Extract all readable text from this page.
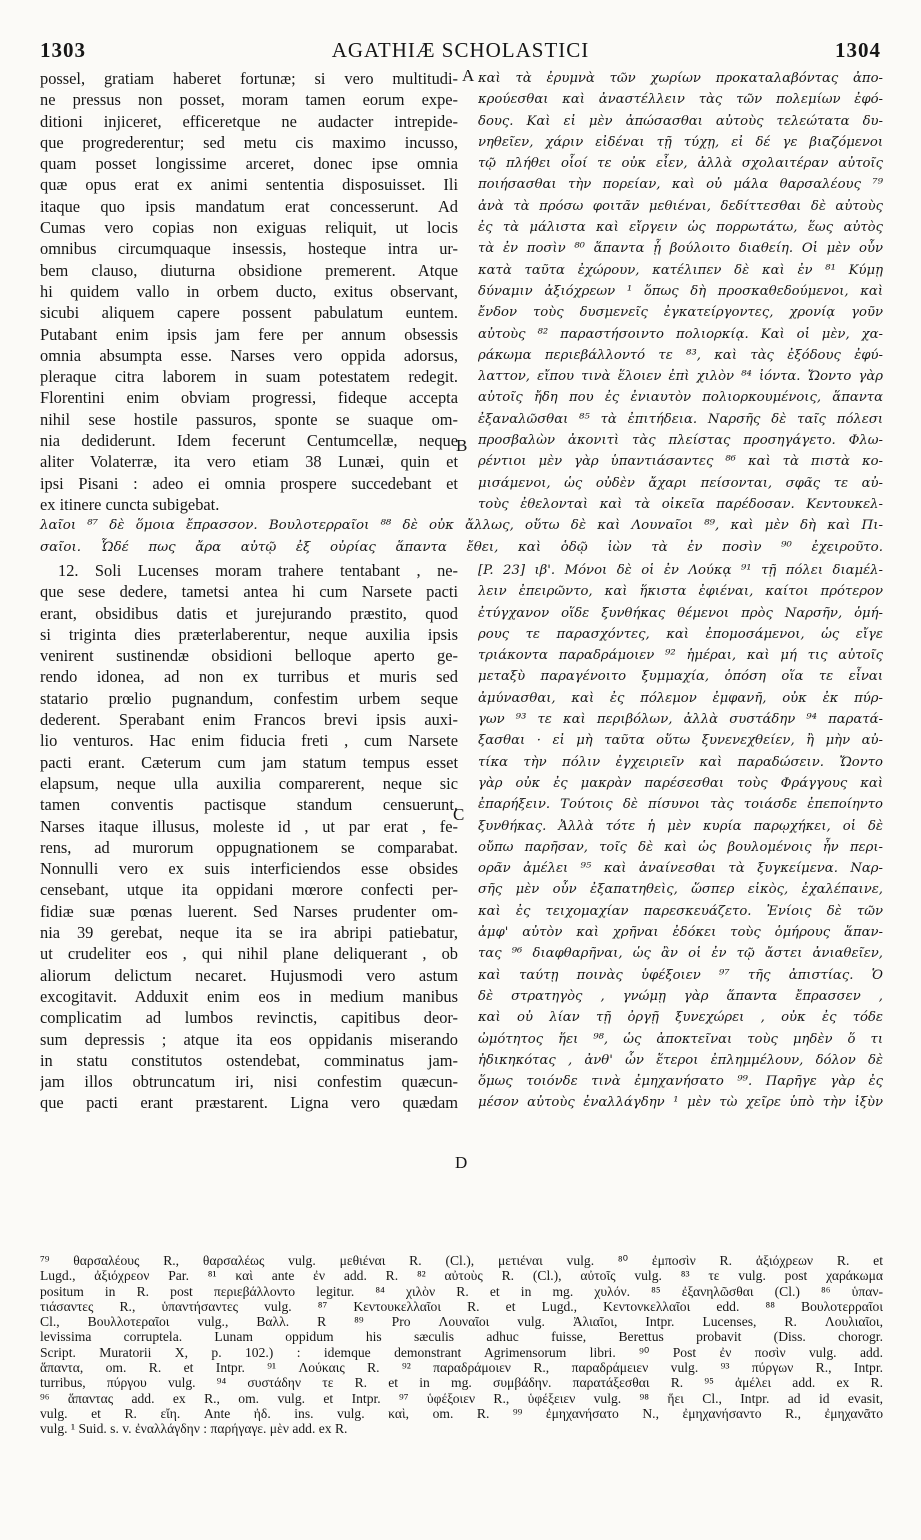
1303	AGATHIÆ SCHOLASTICI	1304
A
B
C
D
possel, gratiam haberet fortunæ; si vero multitudi-
ne pressus non posset, moram tamen eorum expe-
ditioni injiceret, efficeretque ne audacter intrepide-
que progrederentur; sed metu cis maximo incusso,
quam posset longissime arceret, donec ipse omnia
quæ opus erat ex animi sententia disposuisset. Ili
itaque quo ipsis mandatum erat concesserunt. Ad
Cumas vero copias non exiguas reliquit, ut locis
omnibus circumquaque insessis, hosteque intra ur-
bem clauso, diuturna obsidione premerent. Atque
hi quidem vallo in orbem ducto, exitus observant,
sicubi aliquem capere possent pabulatum euntem.
Putabant enim ipsis jam fere per annum obsessis
omnia absumpta esse. Narses vero oppida adorsus,
pleraque citra laborem in suam potestatem redegit.
Florentini enim obviam progressi, fideque accepta
nihil sese hostile passuros, sponte se suaque om-
nia dediderunt. Idem fecerunt Centumcellæ, neque
aliter Volaterræ, ita vero etiam 38 Lunæi, quin et
ipsi Pisani : adeo ei omnia prospere succedebant et
ex itinere cuncta subigebat.
καὶ τὰ ἐρυμνὰ τῶν χωρίων προκαταλαβόντας ἀπο-
κρούεσθαι καὶ ἀναστέλλειν τὰς τῶν πολεμίων ἐφό-
δους. Καὶ εἰ μὲν ἀπώσασθαι αὐτοὺς τελεώτατα δυ-
νηθεῖεν, χάριν εἰδέναι τῇ τύχῃ, εἰ δέ γε βιαζόμενοι
τῷ πλήθει οἷοί τε οὐκ εἶεν, ἀλλὰ σχολαιτέραν αὐτοῖς
ποιήσασθαι τὴν πορείαν, καὶ οὐ μάλα θαρσαλέους ⁷⁹
ἀνὰ τὰ πρόσω φοιτᾶν μεθιέναι, δεδίττεσθαι δὲ αὐτοὺς
ἐς τὰ μάλιστα καὶ εἴργειν ὡς πορρωτάτω, ἕως αὐτὸς
τὰ ἐν ποσὶν ⁸⁰ ἅπαντα ᾗ βούλοιτο διαθείη. Οἱ μὲν οὖν
κατὰ ταῦτα ἐχώρουν, κατέλιπεν δὲ καὶ ἐν ⁸¹ Κύμῃ
δύναμιν ἀξιόχρεων ¹ ὅπως δὴ προσκαθεδούμενοι, καὶ
ἔνδον τοὺς δυσμενεῖς ἐγκατείργοντες, χρονίᾳ γοῦν
αὐτοὺς ⁸² παραστήσοιντο πολιορκίᾳ. Καὶ οἱ μὲν, χα-
ράκωμα περιεβάλλοντό τε ⁸³, καὶ τὰς ἐξόδους ἐφύ-
λαττον, εἴπου τινὰ ἕλοιεν ἐπὶ χιλὸν ⁸⁴ ἰόντα. Ὤοντο γὰρ
αὐτοῖς ἤδη που ἐς ἐνιαυτὸν πολιορκουμένοις, ἅπαντα
ἐξαναλῶσθαι ⁸⁵ τὰ ἐπιτήδεια. Ναρσῆς δὲ ταῖς πόλεσι
προσβαλὼν ἀκονιτὶ τὰς πλείστας προσηγάγετο. Φλω-
ρέντιοι μὲν γὰρ ὑπαντιάσαντες ⁸⁶ καὶ τὰ πιστὰ κο-
μισάμενοι, ὡς οὐδὲν ἄχαρι πείσονται, σφᾶς τε αὐ-
τοὺς ἐθελονταὶ καὶ τὰ οἰκεῖα παρέδοσαν. Κεντουκελ-
λαῖοι ⁸⁷ δὲ ὅμοια ἔπρασσον. Βουλοτερραῖοι ⁸⁸ δὲ οὐκ ἄλλως, οὕτω δὲ καὶ Λουναῖοι ⁸⁹, καὶ μὲν δὴ καὶ Πι-
σαῖοι. Ὧδέ πως ἄρα αὐτῷ ἐξ οὐρίας ἅπαντα ἔθει, καὶ ὁδῷ ἰὼν τὰ ἐν ποσὶν ⁹⁰ ἐχειροῦτο.
12. Soli Lucenses moram trahere tentabant , ne-
que sese dedere, tametsi antea hi cum Narsete pacti
erant, obsidibus datis et jurejurando præstito, quod
si triginta dies præterlaberentur, neque auxilia ipsis
venirent sustinendæ obsidioni belloque aperto ge-
rendo idonea, ad non ex turribus et muris sed
statario prœlio pugnandum, confestim urbem seque
dederent. Sperabant enim Francos brevi ipsis auxi-
lio venturos. Hac enim fiducia freti , cum Narsete
pacti erant. Cæterum cum jam statum tempus esset
elapsum, neque ulla auxilia comparerent, neque sic
tamen conventis pactisque standum censuerunt.
Narses itaque illusus, moleste id , ut par erat , fe-
rens, ad murorum oppugnationem se comparabat.
Nonnulli vero ex suis interficiendos esse obsides
censebant, utque ita oppidani mœrore confecti per-
fidiæ suæ pœnas luerent. Sed Narses prudenter om-
nia 39 gerebat, neque ita se ira abripi patiebatur,
ut crudeliter eos , qui nihil plane deliquerant , ob
aliorum delictum necaret. Hujusmodi vero astum
excogitavit. Adduxit enim eos in medium manibus
complicatim ad lumbos revinctis, capitibus deor-
sum depressis ; atque ita eos oppidanis miserando
in statu constitutos ostendebat, comminatus jam-
jam illos obtruncatum iri, nisi confestim quæcun-
que pacti erant præstarent. Ligna vero quædam
[P. 23] ιβ'. Μόνοι δὲ οἱ ἐν Λούκᾳ ⁹¹ τῇ πόλει διαμέλ-
λειν ἐπειρῶντο, καὶ ἥκιστα ἐφιέναι, καίτοι πρότερον
ἐτύγχανον οἵδε ξυνθήκας θέμενοι πρὸς Ναρσῆν, ὁμή-
ρους τε παρασχόντες, καὶ ἐπομοσάμενοι, ὡς εἴγε
τριάκοντα παραδράμοιεν ⁹² ἡμέραι, καὶ μή τις αὐτοῖς
μεταξὺ παραγένοιτο ξυμμαχία, ὁπόση οἵα τε εἶναι
ἀμύνασθαι, καὶ ἐς πόλεμον ἐμφανῆ, οὐκ ἐκ πύρ-
γων ⁹³ τε καὶ περιβόλων, ἀλλὰ συστάδην ⁹⁴ παρατά-
ξασθαι · εἰ μὴ ταῦτα οὕτω ξυνενεχθείεν, ἢ μὴν αὐ-
τίκα τὴν πόλιν ἐγχειριεῖν καὶ παραδώσειν. Ὤοντο
γὰρ οὐκ ἐς μακρὰν παρέσεσθαι τοὺς Φράγγους καὶ
ἐπαρήξειν. Τούτοις δὲ πίσυνοι τὰς τοιάσδε ἐπεποίηντο
ξυνθήκας. Ἀλλὰ τότε ἡ μὲν κυρία παρῳχήκει, οἱ δὲ
οὔπω παρῆσαν, τοῖς δὲ καὶ ὡς βουλομένοις ἦν περι-
ορᾶν ἀμέλει ⁹⁵ καὶ ἀναίνεσθαι τὰ ξυγκείμενα. Ναρ-
σῆς μὲν οὖν ἐξαπατηθεὶς, ὥσπερ εἰκὸς, ἐχαλέπαινε,
καὶ ἐς τειχομαχίαν παρεσκευάζετο. Ἐνίοις δὲ τῶν
ἀμφ' αὐτὸν καὶ χρῆναι ἐδόκει τοὺς ὁμήρους ἅπαν-
τας ⁹⁶ διαφθαρῆναι, ὡς ἂν οἱ ἐν τῷ ἄστει ἀνιαθεῖεν,
καὶ ταύτῃ ποινὰς ὑφέξοιεν ⁹⁷ τῆς ἀπιστίας. Ὁ
δὲ στρατηγὸς , γνώμῃ γὰρ ἅπαντα ἔπρασσεν ,
καὶ οὐ λίαν τῇ ὀργῇ ξυνεχώρει , οὐκ ἐς τόδε
ὠμότητος ἥει ⁹⁸, ὡς ἀποκτεῖναι τοὺς μηδὲν ὅ τι
ἠδικηκότας , ἀνθ' ὧν ἕτεροι ἐπλημμέλουν, δόλον δὲ
ὅμως τοιόνδε τινὰ ἐμηχανήσατο ⁹⁹. Παρῆγε γὰρ ἐς
μέσον αὐτοὺς ἐναλλάγδην ¹ μὲν τὼ χεῖρε ὑπὸ τὴν ἰξὺν
⁷⁹ θαρσαλέους R., θαρσαλέως vulg. μεθιέναι R. (Cl.), μετιέναι vulg. ⁸⁰ ἐμποσὶν R. ἀξιόχρεων R. et
Lugd., ἀξιόχρεον Par. ⁸¹ καὶ ante ἐν add. R. ⁸² αὐτοὺς R. (Cl.), αὐτοῖς vulg. ⁸³ τε vulg. post χαράκωμα
positum in R. post περιεβάλλοντο legitur. ⁸⁴ χιλὸν R. et in mg. χυλόν. ⁸⁵ ἐξανηλῶσθαι (Cl.) ⁸⁶ ὑπαν-
τιάσαντες R., ὑπαντήσαντες vulg. ⁸⁷ Κεντουκελλαῖοι R. et Lugd., Κεντονκελλαῖοι edd. ⁸⁸ Βουλοτερραῖοι
Cl., Βουλλοτεραῖοι vulg., Βαλλ. R ⁸⁹ Pro Λουναῖοι vulg. Ἀλιαῖοι, Intpr. Lucenses, R. Λουλιαῖοι,
levissima corruptela. Lunam oppidum his sæculis adhuc fuisse, Berettus probavit (Diss. chorogr.
Script. Muratorii X, p. 102.) : idemque demonstrant Agrimensorum libri. ⁹⁰ Post ἐν ποσὶν vulg. add.
ἅπαντα, om. R. et Intpr. ⁹¹ Λούκαις R. ⁹² παραδράμοιεν R., παραδράμειεν vulg. ⁹³ πύργων R., Intpr.
turribus, πύργου vulg. ⁹⁴ συστάδην τε R. et in mg. συμβάδην. παρατάξεσθαι R. ⁹⁵ ἀμέλει add. ex R.
⁹⁶ ἅπαντας add. ex R., om. vulg. et Intpr. ⁹⁷ ὑφέξοιεν R., ὑφέξειεν vulg. ⁹⁸ ἥει Cl., Intpr. ad id evasit,
vulg. et R. εἴη. Ante ἠδ. ins. vulg. καὶ, om. R. ⁹⁹ ἐμηχανήσατο N., ἐμηχανήσαντο R., ἐμηχανᾶτο
vulg. ¹ Suid. s. v. ἐναλλάγδην : παρήγαγε. μὲν add. ex R.
